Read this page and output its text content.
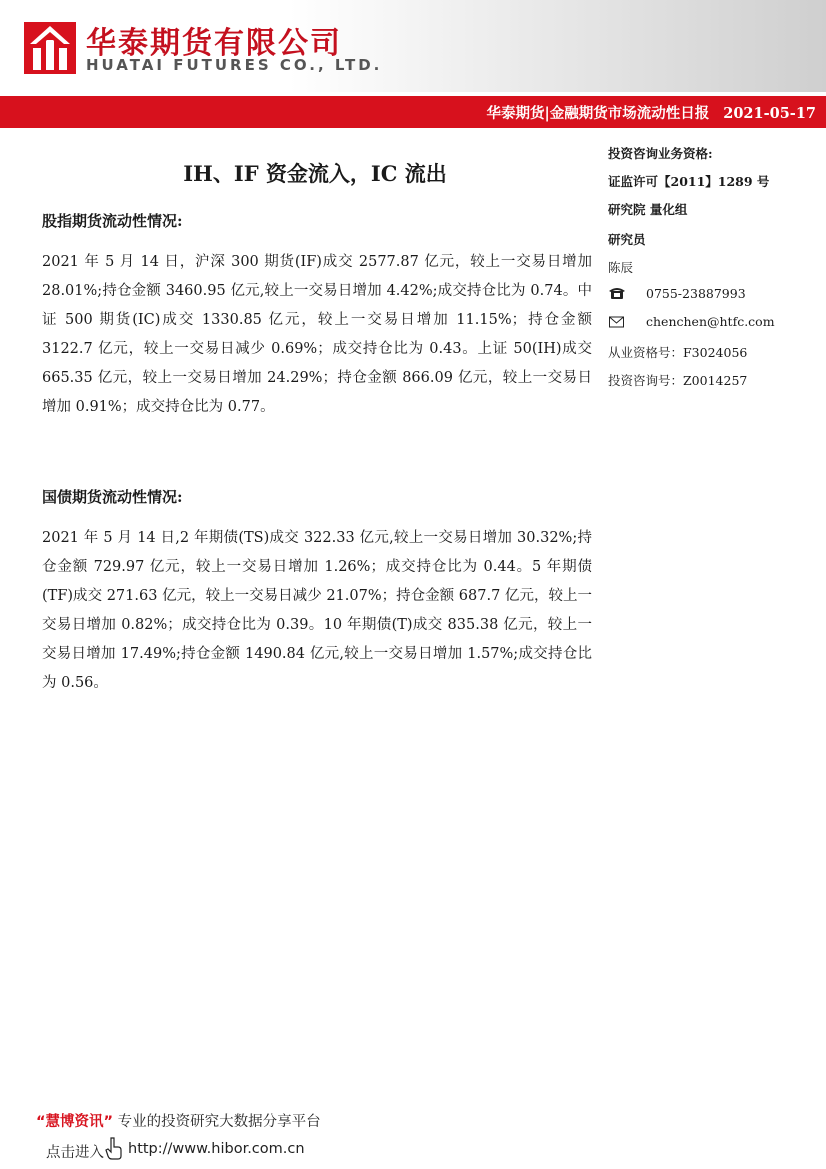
华泰期货有限公司
HUATAI FUTURES CO., LTD.
华泰期货|金融期货市场流动性日报 2021-05-17
IH、IF 资金流入，IC 流出
股指期货流动性情况:

2021 年 5 月 14 日，沪深 300 期货(IF)成交 2577.87 亿元，较上一交易日增加 28.01%;持仓金额 3460.95 亿元,较上一交易日增加 4.42%;成交持仓比为 0.74。中证 500 期货(IC)成交 1330.85 亿元，较上一交易日增加 11.15%；持仓金额 3122.7 亿元，较上一交易日减少 0.69%；成交持仓比为 0.43。上证 50(IH)成交 665.35 亿元，较上一交易日增加 24.29%；持仓金额 866.09 亿元，较上一交易日增加 0.91%；成交持仓比为 0.77。

国债期货流动性情况:

2021 年 5 月 14 日,2 年期债(TS)成交 322.33 亿元,较上一交易日增加 30.32%;持仓金额 729.97 亿元，较上一交易日增加 1.26%；成交持仓比为 0.44。5 年期债(TF)成交 271.63 亿元，较上一交易日减少 21.07%；持仓金额 687.7 亿元，较上一交易日增加 0.82%；成交持仓比为 0.39。10 年期债(T)成交 835.38 亿元，较上一交易日增加 17.49%;持仓金额 1490.84 亿元,较上一交易日增加 1.57%;成交持仓比为 0.56。

投资咨询业务资格:
证监许可【2011】1289 号
研究院 量化组
研究员
陈辰
0755-23887993
chenchen@htfc.com
从业资格号：F3024056
投资咨询号：Z0014257
“慧博资讯” 专业的投资研究大数据分享平台
点击进入 http://www.hibor.com.cn
